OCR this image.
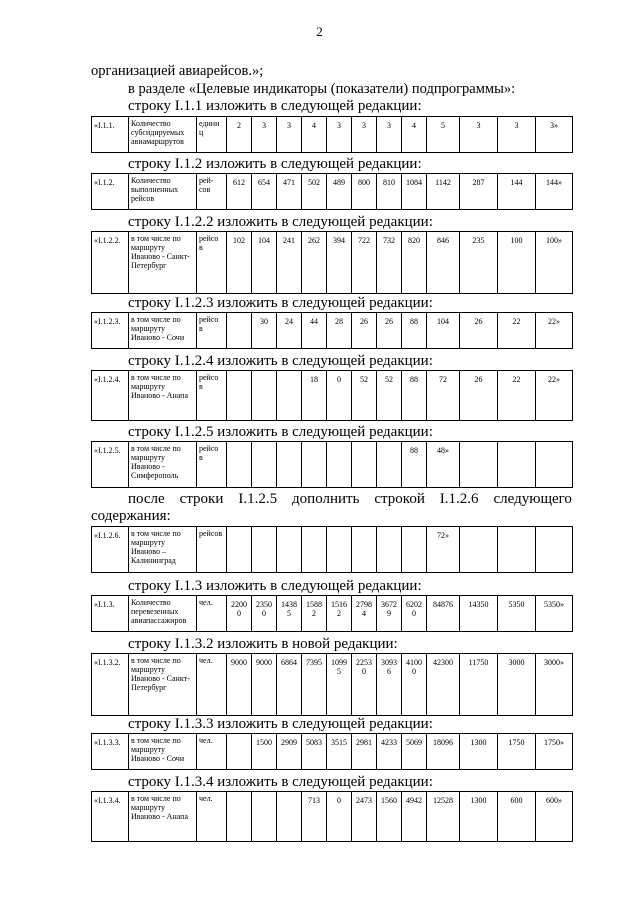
2
организацией авиарейсов.»;
в разделе «Целевые индикаторы (показатели) подпрограммы»:
строку I.1.1 изложить в следующей редакции:
«I.1.1.	Количество субсидируемых авиамаршрутов	едини ц	2	3	3	4	3	3	3	4	5	3	3	3»
строку I.1.2 изложить в следующей редакции:
«I.1.2.	Количество выполненных рейсов	рей-сов	612	654	471	502	489	800	810	1084	1142	287	144	144»
строку I.1.2.2 изложить в следующей редакции:
«I.1.2.2.	в том числе по маршруту Иваново - Санкт-Петербург	рейсо в	102	104	241	262	394	722	732	820	846	235	100	100»
строку I.1.2.3 изложить в следующей редакции:
«I.1.2.3.	в том числе по маршруту Иваново - Сочи	рейсо в		30	24	44	28	26	26	88	104	26	22	22»
строку I.1.2.4 изложить в следующей редакции:
«I.1.2.4.	в том числе по маршруту Иваново - Анапа	рейсо в				18	0	52	52	88	72	26	22	22»
строку I.1.2.5 изложить в следующей редакции:
«I.1.2.5.	в том числе по маршруту Иваново - Симферополь	рейсо в								88	48»			
после строки I.1.2.5 дополнить строкой I.1.2.6 следующего
содержания:
«I.1.2.6.	в том числе по маршруту Иваново – Калининград	рейсов									72»			
строку I.1.3 изложить в следующей редакции:
«I.1.3.	Количество перевезенных авиапассажиров	чел.	2200 0	2350 0	1438 5	1588 2	1516 2	2798 4	3672 9	6202 0	84876	14350	5350	5350»
строку I.1.3.2 изложить в новой редакции:
«I.1.3.2.	в том числе по маршруту Иваново - Санкт-Петербург	чел.	9000	9000	6864	7395	1099 5	2253 0	3093 6	4100 0	42300	11750	3000	3000»
строку I.1.3.3 изложить в следующей редакции:
«I.1.3.3.	в том числе по маршруту Иваново - Сочи	чел.		1500	2909	5083	3515	2981	4233	5069	18096	1300	1750	1750»
строку I.1.3.4 изложить в следующей редакции:
«I.1.3.4.	в том числе по маршруту Иваново - Анапа	чел.				713	0	2473	1560	4942	12528	1300	600	600»
